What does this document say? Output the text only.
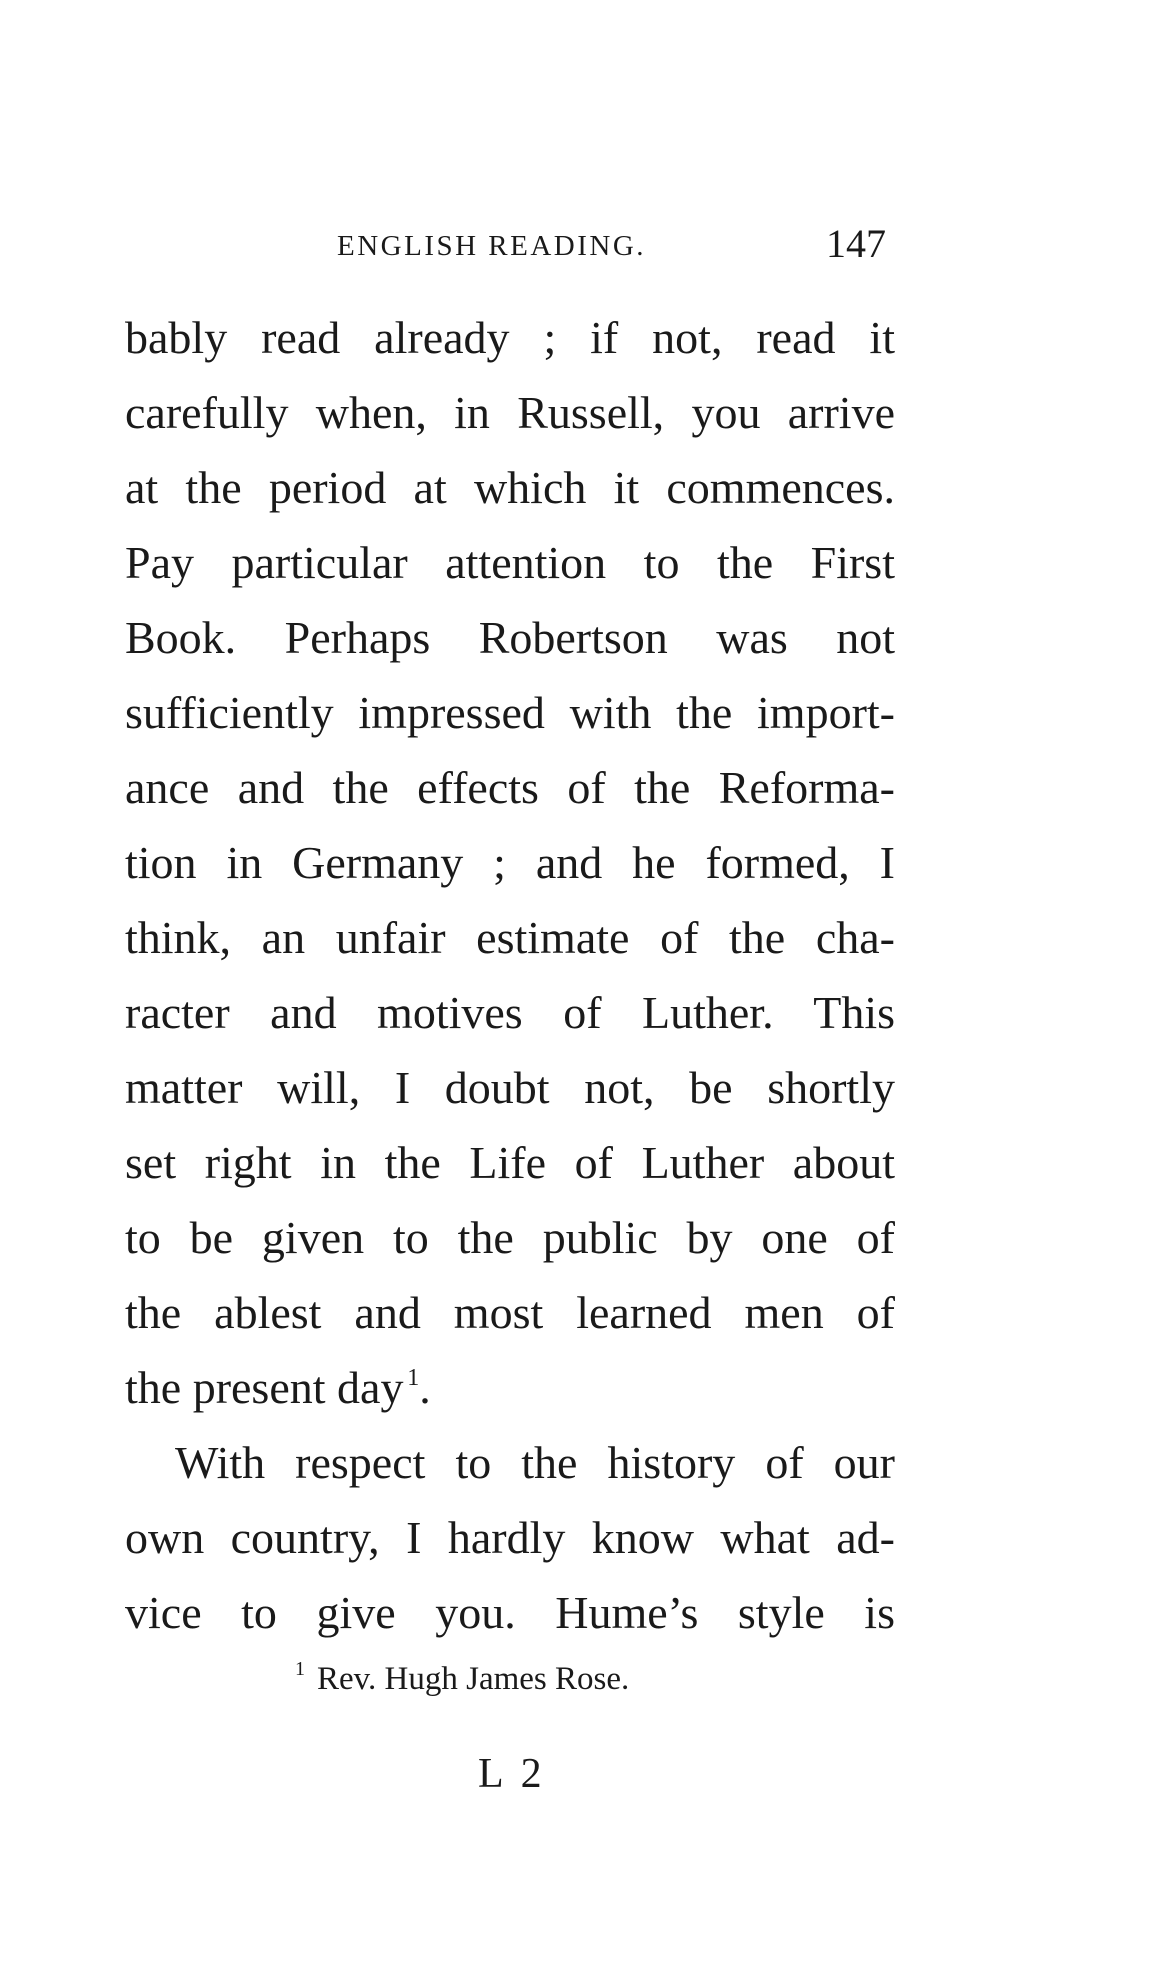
ENGLISH READING.	147
bably read already ; if not, read it
carefully when, in Russell, you arrive
at the period at which it commences.
Pay particular attention to the First
Book. Perhaps Robertson was not
sufficiently impressed with the import-
ance and the effects of the Reforma-
tion in Germany ; and he formed, I
think, an unfair estimate of the cha-
racter and motives of Luther. This
matter will, I doubt not, be shortly
set right in the Life of Luther about
to be given to the public by one of
the ablest and most learned men of
the present day  $^1$.
With respect to the history of our
own country, I hardly know what ad-
vice to give you. Hume’s style is
$^1$ Rev. Hugh James Rose.
L 2
